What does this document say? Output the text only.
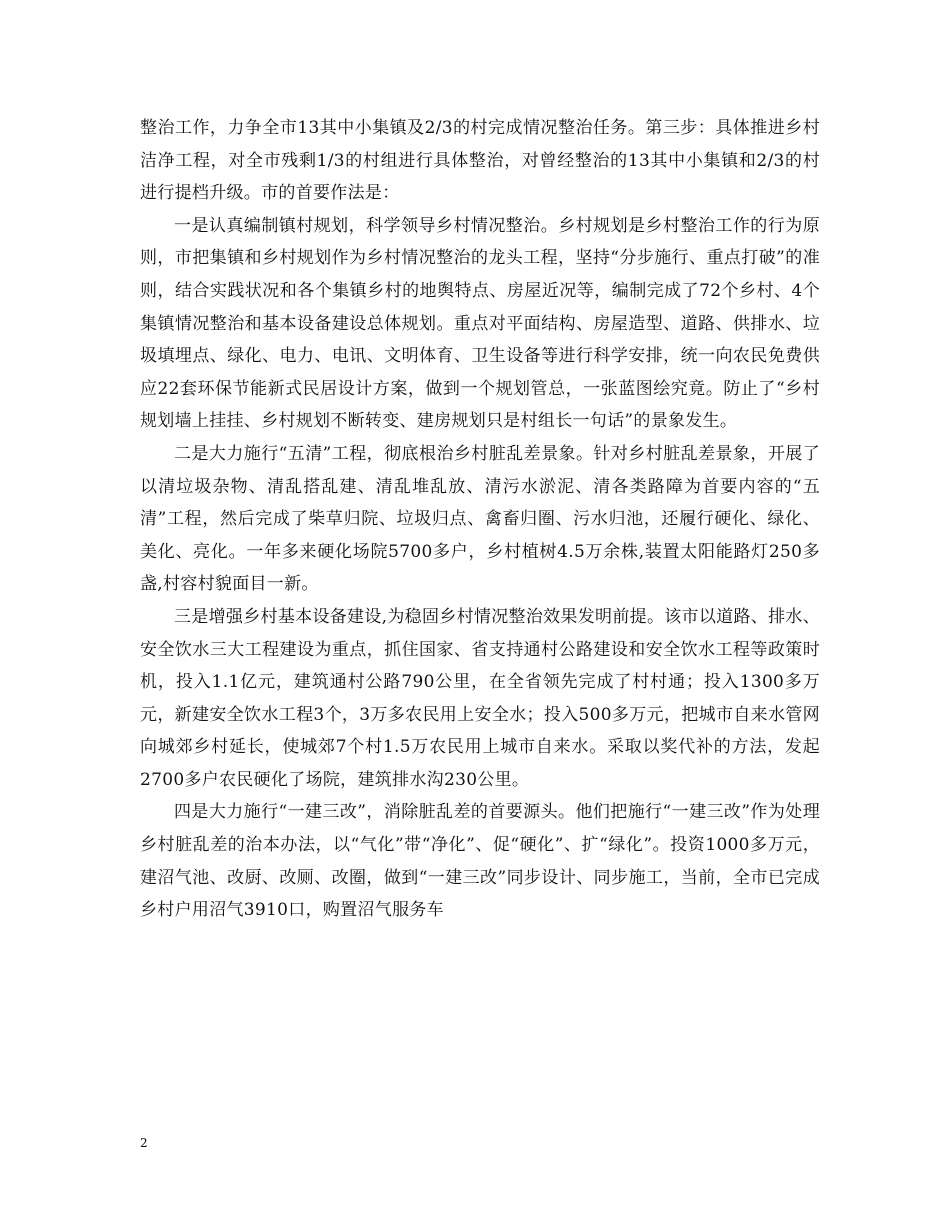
整治工作，力争全市13其中小集镇及2/3的村完成情况整治任务。第三步：具体推进乡村洁净工程，对全市残剩1/3的村组进行具体整治，对曾经整治的13其中小集镇和2/3的村进行提档升级。市的首要作法是：

一是认真编制镇村规划，科学领导乡村情况整治。乡村规划是乡村整治工作的行为原则，市把集镇和乡村规划作为乡村情况整治的龙头工程，坚持“分步施行、重点打破”的准则，结合实践状况和各个集镇乡村的地舆特点、房屋近况等，编制完成了72个乡村、4个集镇情况整治和基本设备建设总体规划。重点对平面结构、房屋造型、道路、供排水、垃圾填埋点、绿化、电力、电讯、文明体育、卫生设备等进行科学安排，统一向农民免费供应22套环保节能新式民居设计方案，做到一个规划管总，一张蓝图绘究竟。防止了“乡村规划墙上挂挂、乡村规划不断转变、建房规划只是村组长一句话”的景象发生。

二是大力施行“五清”工程，彻底根治乡村脏乱差景象。针对乡村脏乱差景象，开展了以清垃圾杂物、清乱搭乱建、清乱堆乱放、清污水淤泥、清各类路障为首要内容的“五清”工程，然后完成了柴草归院、垃圾归点、禽畜归圈、污水归池，还履行硬化、绿化、美化、亮化。一年多来硬化场院5700多户，乡村植树4.5万余株,装置太阳能路灯250多盏,村容村貌面目一新。

三是增强乡村基本设备建设,为稳固乡村情况整治效果发明前提。该市以道路、排水、安全饮水三大工程建设为重点，抓住国家、省支持通村公路建设和安全饮水工程等政策时机，投入1.1亿元，建筑通村公路790公里，在全省领先完成了村村通；投入1300多万元，新建安全饮水工程3个，3万多农民用上安全水；投入500多万元，把城市自来水管网向城郊乡村延长，使城郊7个村1.5万农民用上城市自来水。采取以奖代补的方法，发起2700多户农民硬化了场院，建筑排水沟230公里。

四是大力施行“一建三改”，消除脏乱差的首要源头。他们把施行“一建三改”作为处理乡村脏乱差的治本办法，以“气化”带“净化”、促“硬化”、扩“绿化”。投资1000多万元，建沼气池、改厨、改厕、改圈，做到“一建三改”同步设计、同步施工，当前，全市已完成乡村户用沼气3910口，购置沼气服务车

2
